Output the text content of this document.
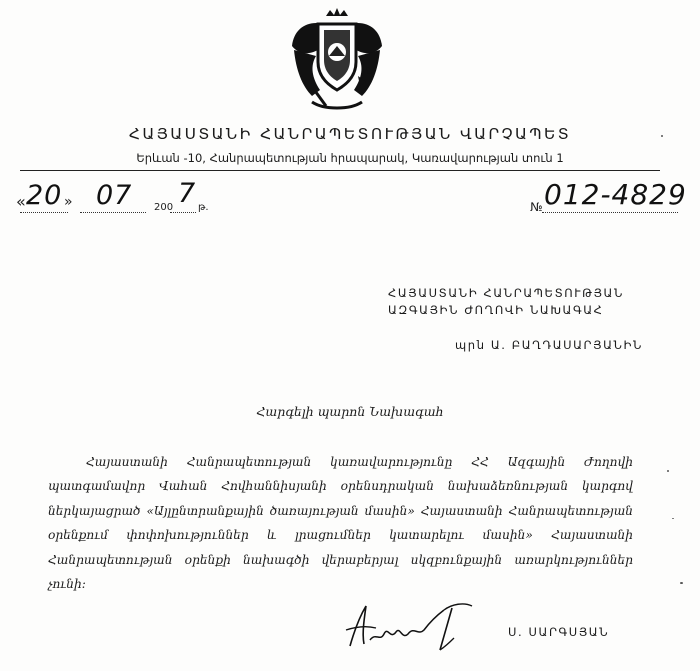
ՀԱՅԱՍՏԱՆԻ ՀԱՆՐԱՊԵՏՈՒԹՅԱՆ ՎԱՐՉԱՊԵՏ
Երևան -10, Հանրապետության հրապարակ, Կառավարության տուն 1
« 20 » 07 200 7 թ.	№ 012-4829
ՀԱՅԱՍՏԱՆԻ ՀԱՆՐԱՊԵՏՈՒԹՅԱՆ
ԱԶԳԱՅԻՆ ԺՈՂՈՎԻ ՆԱԽԱԳԱՀ
պրն Ա. ԲԱՂԴԱՍԱՐՅԱՆԻՆ
Հարգելի պարոն Նախագահ
Հայաստանի Հանրապետության կառավարությունը ՀՀ Ազգային Ժողովի պատգամավոր Վահան Հովհաննիսյանի օրենսդրական նախաձեռնության կարգով ներկայացրած «Այլընտրանքային ծառայության մասին» Հայաստանի Հանրապետության օրենքում փոփոխություններ և լրացումներ կատարելու մասին» Հայաստանի Հանրապետության օրենքի նախագծի վերաբերյալ սկզբունքային առարկություններ չունի:
Ս. ՍԱՐԳՍՅԱՆ
